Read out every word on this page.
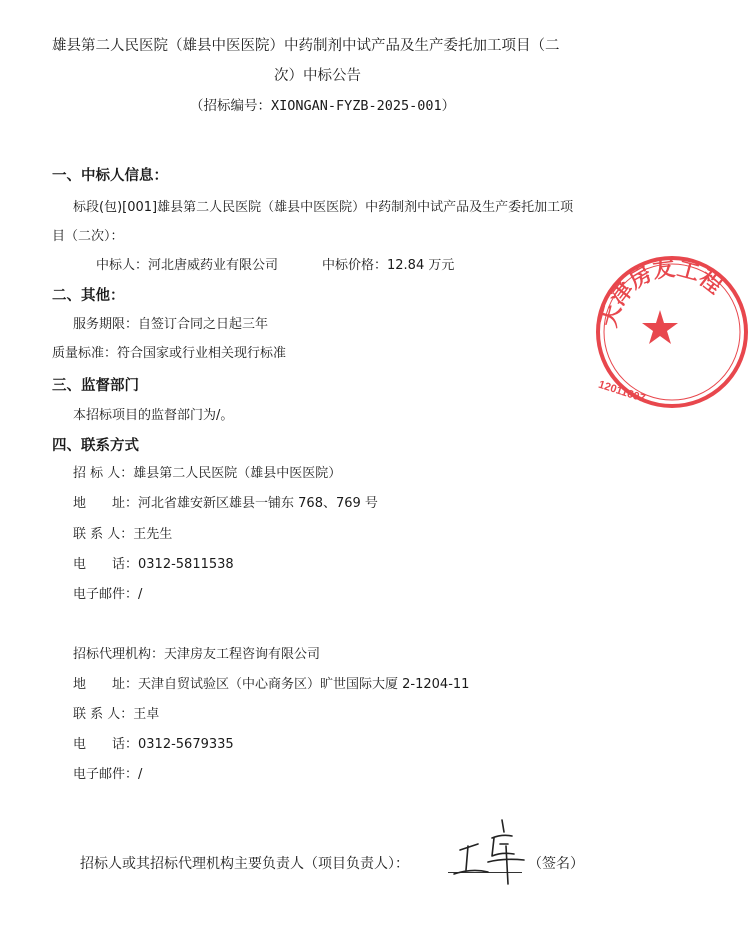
雄县第二人民医院（雄县中医医院）中药制剂中试产品及生产委托加工项目（二
次）中标公告
（招标编号：XIONGAN-FYZB-2025-001）
一、中标人信息：
标段(包)[001]雄县第二人民医院（雄县中医医院）中药制剂中试产品及生产委托加工项
目（二次）：
中标人：河北唐威药业有限公司	中标价格：12.84 万元
二、其他：
服务期限：自签订合同之日起三年
质量标准：符合国家或行业相关现行标准
三、监督部门
本招标项目的监督部门为/。
四、联系方式
招 标 人：雄县第二人民医院（雄县中医医院）
地　　址：河北省雄安新区雄县一铺东 768、769 号
联 系 人：王先生
电　　话：0312-5811538
电子邮件：/
招标代理机构：天津房友工程咨询有限公司
地　　址：天津自贸试验区（中心商务区）旷世国际大厦 2-1204-11
联 系 人：王卓
电　　话：0312-5679335
电子邮件：/
招标人或其招标代理机构主要负责人（项目负责人）：	（签名）
天津房友工程
12011607
